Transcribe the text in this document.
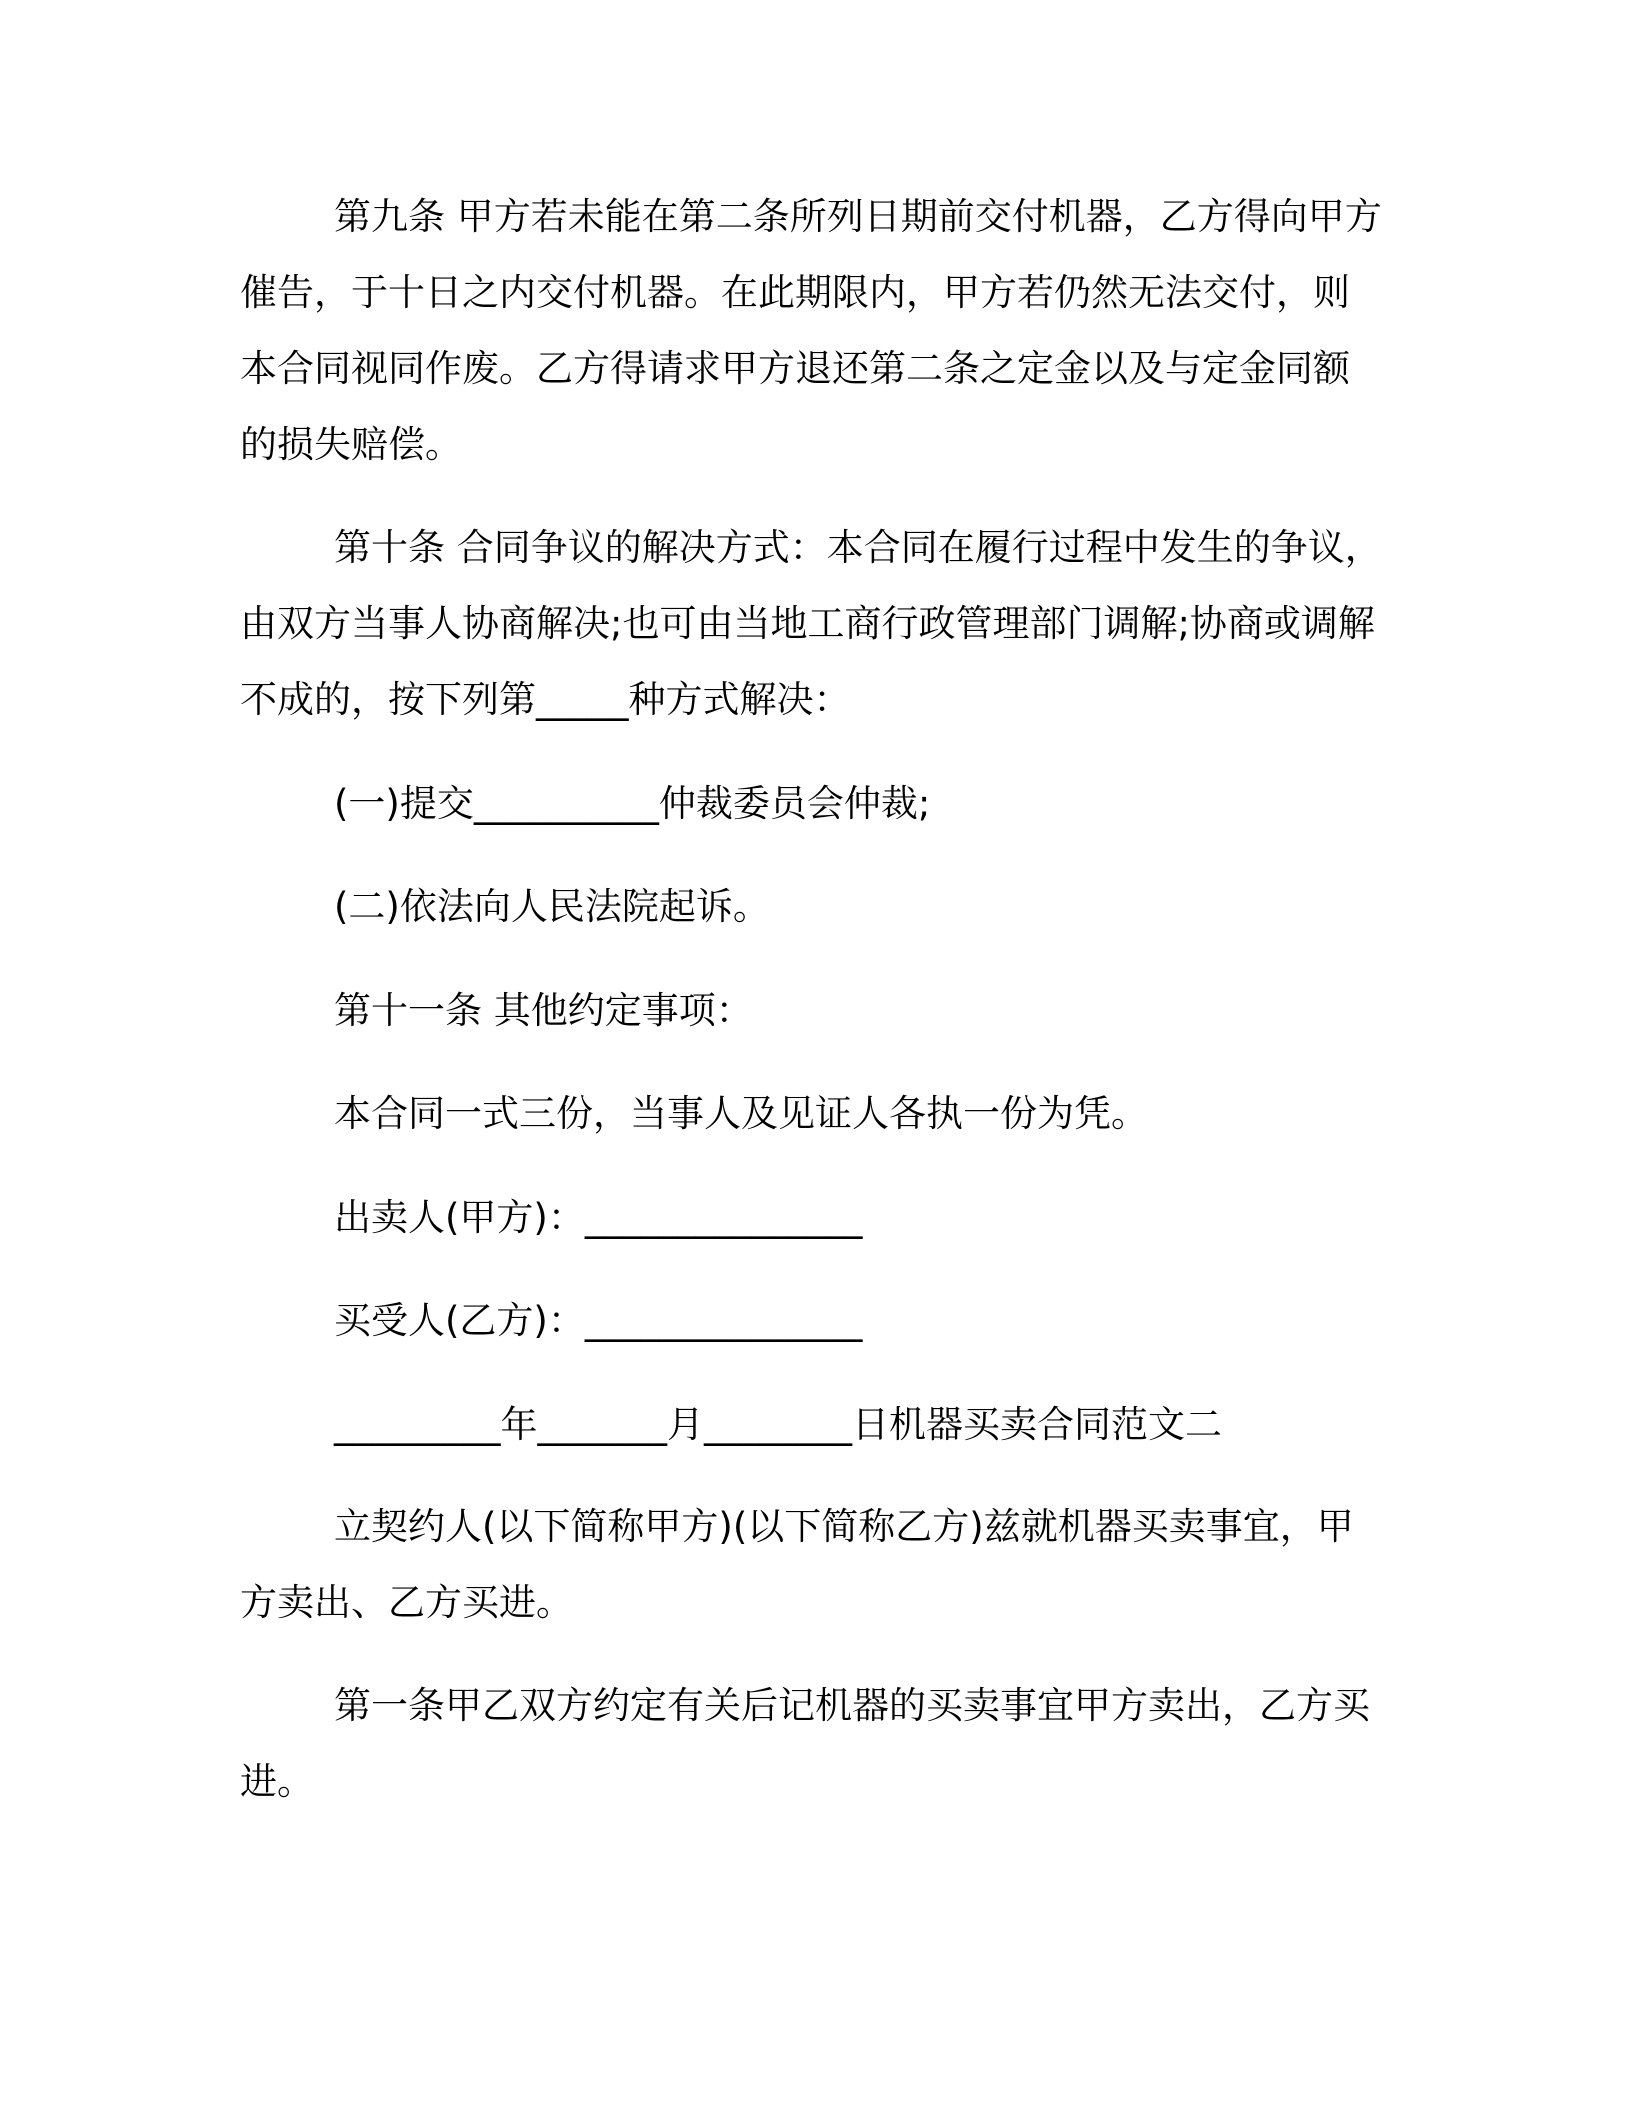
第九条 甲方若未能在第二条所列日期前交付机器，乙方得向甲方

催告，于十日之内交付机器。在此期限内，甲方若仍然无法交付，则

本合同视同作废。乙方得请求甲方退还第二条之定金以及与定金同额

的损失赔偿。

第十条 合同争议的解决方式：本合同在履行过程中发生的争议，

由双方当事人协商解决;也可由当地工商行政管理部门调解;协商或调解

不成的，按下列第_____种方式解决：

(一)提交__________仲裁委员会仲裁;

(二)依法向人民法院起诉。

第十一条 其他约定事项：

本合同一式三份，当事人及见证人各执一份为凭。

出卖人(甲方)：_______________

买受人(乙方)：_______________

_________年_______月________日机器买卖合同范文二

立契约人(以下简称甲方)(以下简称乙方)兹就机器买卖事宜，甲

方卖出、乙方买进。

第一条甲乙双方约定有关后记机器的买卖事宜甲方卖出，乙方买

进。
